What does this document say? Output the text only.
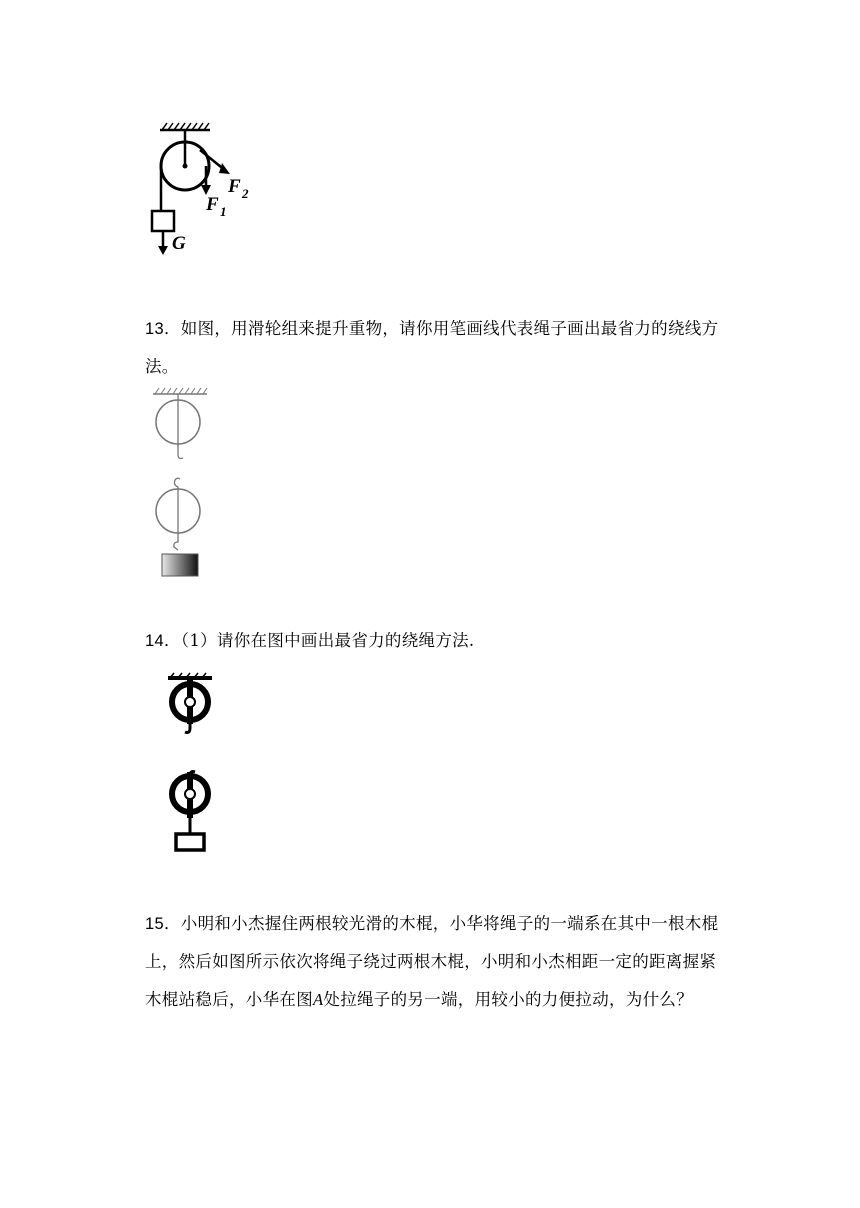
G
F 1
F 2
13．如图，用滑轮组来提升重物，请你用笔画线代表绳子画出最省力的绕线方法。
14．（1）请你在图中画出最省力的绕绳方法.
15．小明和小杰握住两根较光滑的木棍，小华将绳子的一端系在其中一根木棍上，然后如图所示依次将绳子绕过两根木棍，小明和小杰相距一定的距离握紧木棍站稳后，小华在图A处拉绳子的另一端，用较小的力便拉动，为什么？
